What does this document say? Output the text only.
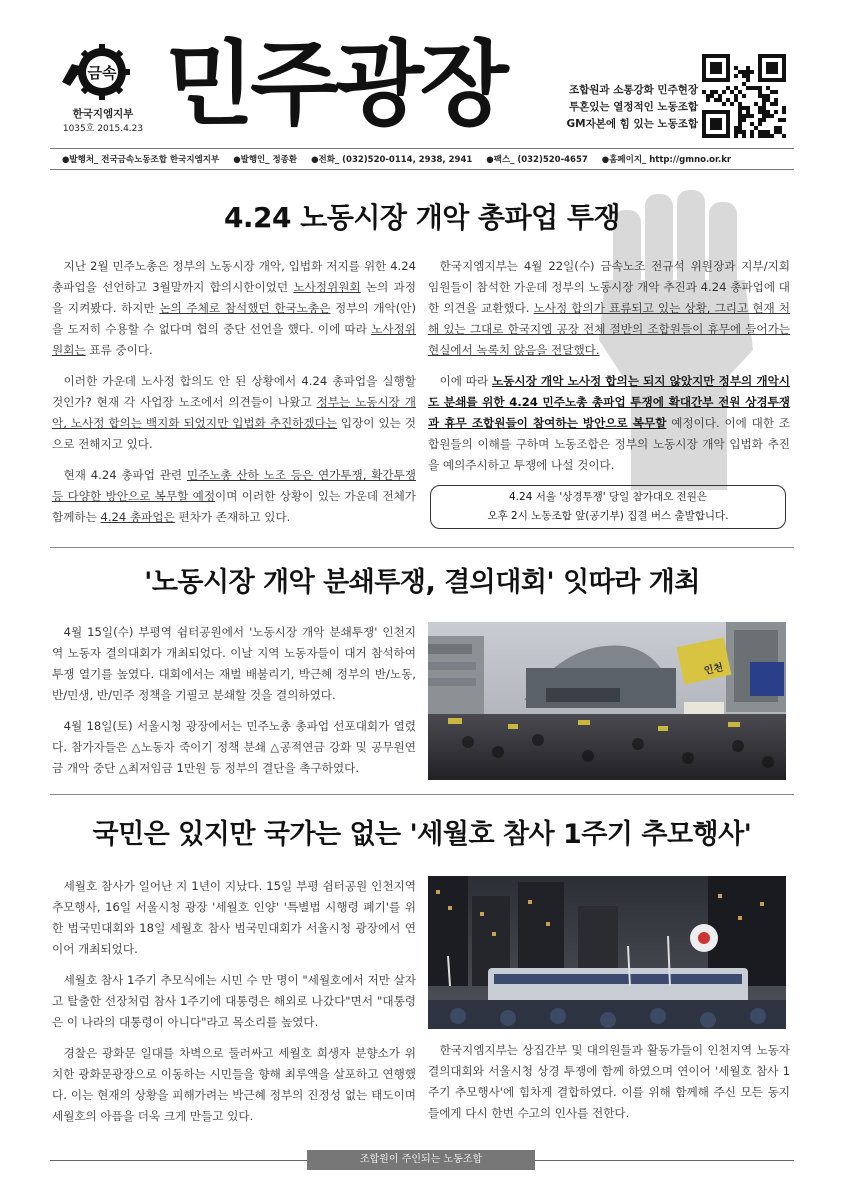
금속
한국지엠지부
1035호 2015.4.23 민주광장	조합원과 소통강화 민주현장
투혼있는 열정적인 노동조합
GM자본에 힘 있는 노동조합
●발행처_ 전국금속노동조합 한국지엠지부 ●발행인_ 정종환 ●전화_ (032)520-0114, 2938, 2941 ●팩스_ (032)520-4657 ●홈페이지_ http://gmno.or.kr
4.24 노동시장 개악 총파업 투쟁

지난 2월 민주노총은 정부의 노동시장 개악, 입법화 저지를 위한 4.24 총파업을 선언하고 3월말까지 합의시한이었던 노사정위원회 논의 과정을 지켜봤다. 하지만 논의 주체로 참석했던 한국노총은 정부의 개악(안)을 도저히 수용할 수 없다며 협의 중단 선언을 했다. 이에 따라 노사정위원회는 표류 중이다.

이러한 가운데 노사정 합의도 안 된 상황에서 4.24 총파업을 실행할 것인가? 현재 각 사업장 노조에서 의견들이 나왔고 정부는 노동시장 개악, 노사정 합의는 백지화 되었지만 입법화 추진하겠다는 입장이 있는 것으로 전해지고 있다.

현재 4.24 총파업 관련 민주노총 산하 노조 등은 연가투쟁, 확간투쟁 등 다양한 방안으로 복무할 예정이며 이러한 상황이 있는 가운데 전체가 함께하는 4.24 총파업은 편차가 존재하고 있다.

한국지엠지부는 4월 22일(수) 금속노조 전규석 위원장과 지부/지회 임원들이 참석한 가운데 정부의 노동시장 개악 추진과 4.24 총파업에 대한 의견을 교환했다. 노사정 합의가 표류되고 있는 상황, 그리고 현재 처해 있는 그대로 한국지엠 공장 전체 절반의 조합원들이 휴무에 들어가는 현실에서 녹록치 않음을 전달했다.

이에 따라 노동시장 개악 노사정 합의는 되지 않았지만 정부의 개악시도 분쇄를 위한 4.24 민주노총 총파업 투쟁에 확대간부 전원 상경투쟁과 휴무 조합원들이 참여하는 방안으로 복무할 예정이다. 이에 대한 조합원들의 이해를 구하며 노동조합은 정부의 노동시장 개악 입법화 추진을 예의주시하고 투쟁에 나설 것이다.

4.24 서울 '상경투쟁' 당일 참가대오 전원은
오후 2시 노동조합 앞(공기부) 집결 버스 출발합니다.
'노동시장 개악 분쇄투쟁, 결의대회' 잇따라 개최

4월 15일(수) 부평역 쉼터공원에서 '노동시장 개악 분쇄투쟁' 인천지역 노동자 결의대회가 개최되었다. 이날 지역 노동자들이 대거 참석하여 투쟁 열기를 높였다. 대회에서는 재벌 배불리기, 박근혜 정부의 반/노동, 반/민생, 반/민주 정책을 기필코 분쇄할 것을 결의하였다.

4월 18일(토) 서울시청 광장에서는 민주노총 총파업 선포대회가 열렸다. 참가자들은 △노동자 죽이기 정책 분쇄 △공적연금 강화 및 공무원연금 개악 중단 △최저임금 1만원 등 정부의 결단을 촉구하였다.

인천
국민은 있지만 국가는 없는 '세월호 참사 1주기 추모행사'

세월호 참사가 일어난 지 1년이 지났다. 15일 부평 쉼터공원 인천지역 추모행사, 16일 서울시청 광장 '세월호 인양' '특별법 시행령 폐기'를 위한 범국민대회와 18일 세월호 참사 범국민대회가 서울시청 광장에서 연이어 개최되었다.

세월호 참사 1주기 추모식에는 시민 수 만 명이 "세월호에서 저만 살자고 탈출한 선장처럼 참사 1주기에 대통령은 해외로 나갔다"면서 "대통령은 이 나라의 대통령이 아니다"라고 목소리를 높였다.

경찰은 광화문 일대를 차벽으로 둘러싸고 세월호 희생자 분향소가 위치한 광화문광장으로 이동하는 시민들을 향해 최루액을 살포하고 연행했다. 이는 현재의 상황을 피해가려는 박근혜 정부의 진정성 없는 태도이며 세월호의 아픔을 더욱 크게 만들고 있다.

한국지엠지부는 상집간부 및 대의원들과 활동가들이 인천지역 노동자 결의대회와 서울시청 상경 투쟁에 함께 하였으며 연이어 '세월호 참사 1주기 추모행사'에 힘차게 결합하였다. 이를 위해 함께해 주신 모든 동지들에게 다시 한번 수고의 인사를 전한다.

조합원이 주인되는 노동조합
